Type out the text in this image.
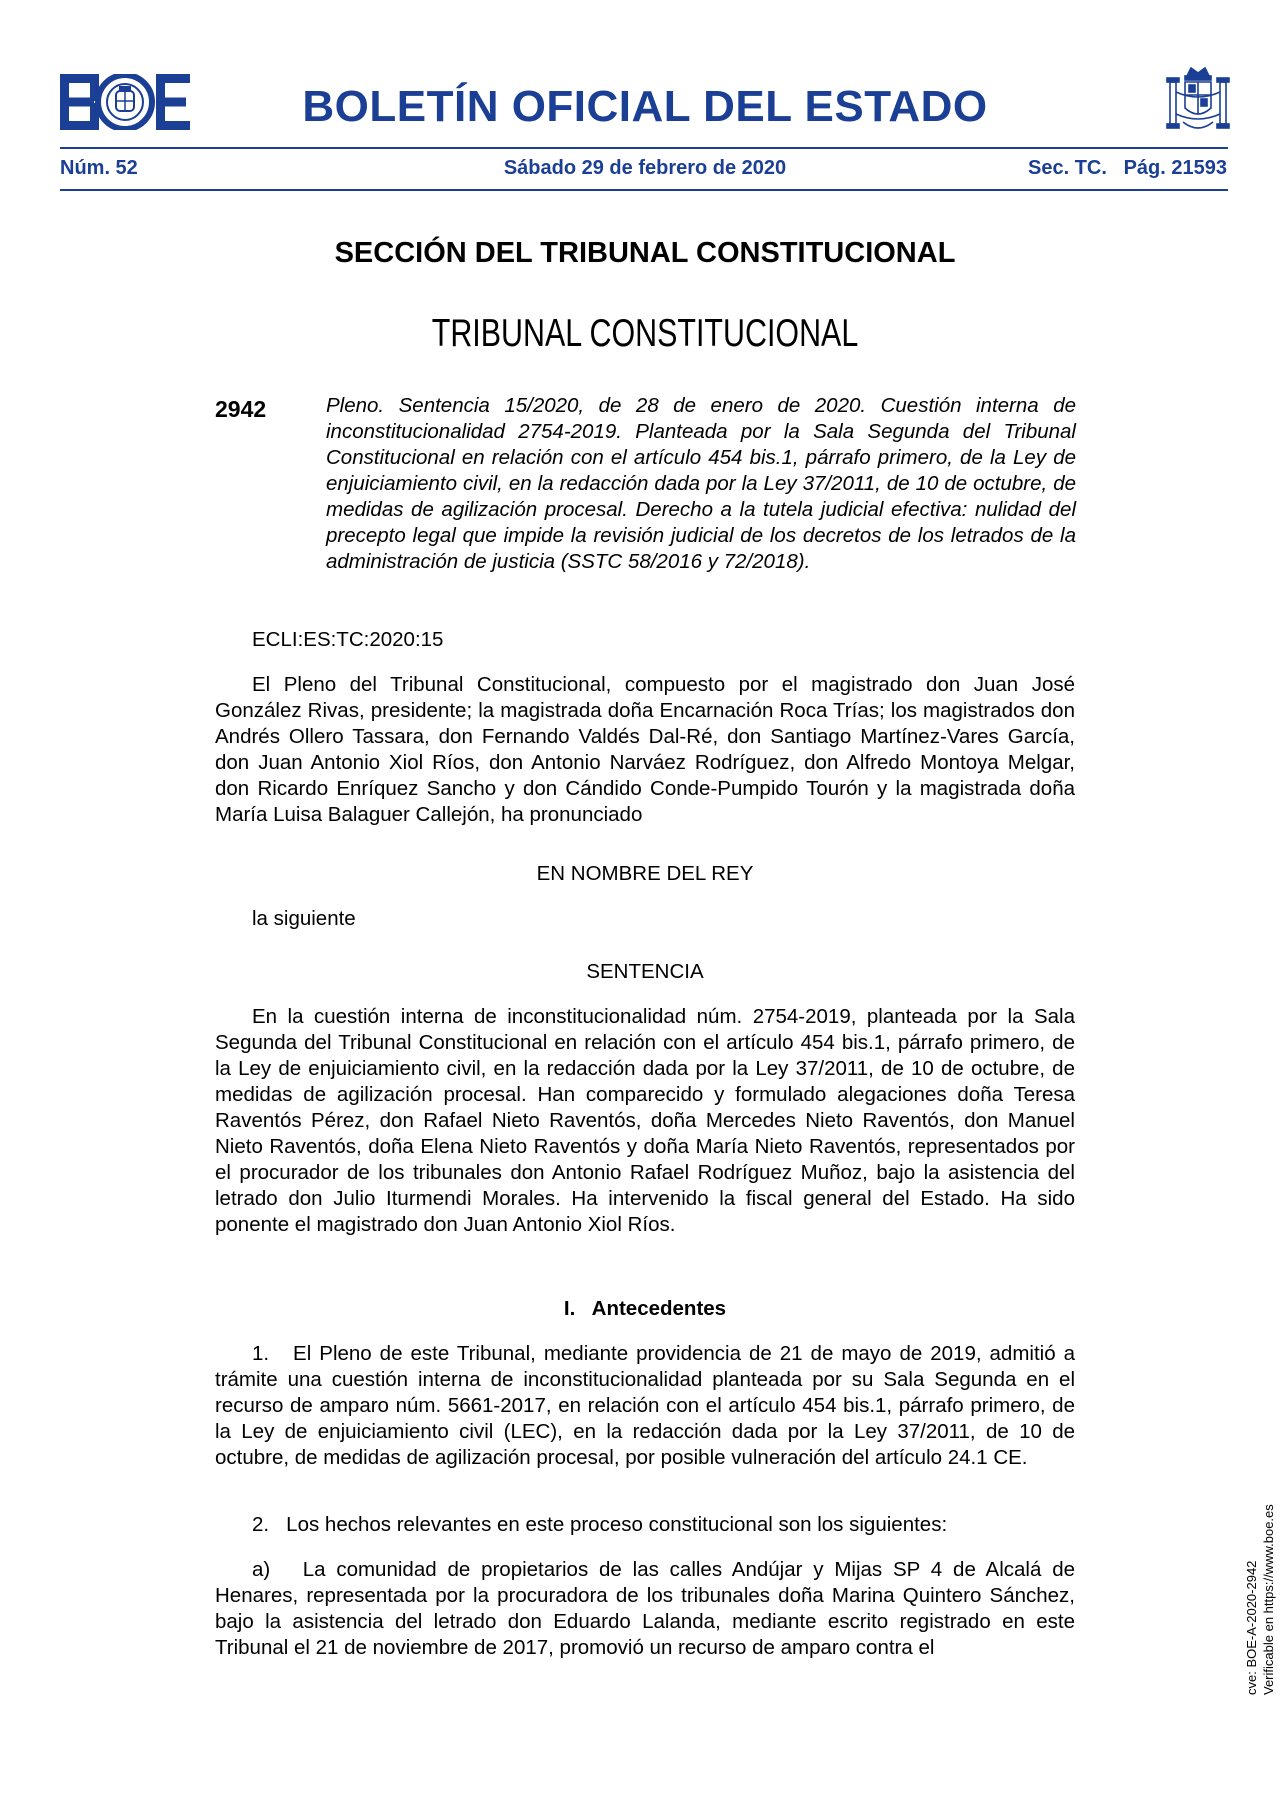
BOLETÍN OFICIAL DEL ESTADO
Núm. 52	Sábado 29 de febrero de 2020	Sec. TC.   Pág. 21593
SECCIÓN DEL TRIBUNAL CONSTITUCIONAL
TRIBUNAL CONSTITUCIONAL
2942	Pleno. Sentencia 15/2020, de 28 de enero de 2020. Cuestión interna de inconstitucionalidad 2754-2019. Planteada por la Sala Segunda del Tribunal Constitucional en relación con el artículo 454 bis.1, párrafo primero, de la Ley de enjuiciamiento civil, en la redacción dada por la Ley 37/2011, de 10 de octubre, de medidas de agilización procesal. Derecho a la tutela judicial efectiva: nulidad del precepto legal que impide la revisión judicial de los decretos de los letrados de la administración de justicia (SSTC 58/2016 y 72/2018).

ECLI:ES:TC:2020:15

El Pleno del Tribunal Constitucional, compuesto por el magistrado don Juan José González Rivas, presidente; la magistrada doña Encarnación Roca Trías; los magistrados don Andrés Ollero Tassara, don Fernando Valdés Dal-Ré, don Santiago Martínez-Vares García, don Juan Antonio Xiol Ríos, don Antonio Narváez Rodríguez, don Alfredo Montoya Melgar, don Ricardo Enríquez Sancho y don Cándido Conde-Pumpido Tourón y la magistrada doña María Luisa Balaguer Callejón, ha pronunciado

EN NOMBRE DEL REY

la siguiente

SENTENCIA

En la cuestión interna de inconstitucionalidad núm. 2754-2019, planteada por la Sala Segunda del Tribunal Constitucional en relación con el artículo 454 bis.1, párrafo primero, de la Ley de enjuiciamiento civil, en la redacción dada por la Ley 37/2011, de 10 de octubre, de medidas de agilización procesal. Han comparecido y formulado alegaciones doña Teresa Raventós Pérez, don Rafael Nieto Raventós, doña Mercedes Nieto Raventós, don Manuel Nieto Raventós, doña Elena Nieto Raventós y doña María Nieto Raventós, representados por el procurador de los tribunales don Antonio Rafael Rodríguez Muñoz, bajo la asistencia del letrado don Julio Iturmendi Morales. Ha intervenido la fiscal general del Estado. Ha sido ponente el magistrado don Juan Antonio Xiol Ríos.

I.   Antecedentes

1.   El Pleno de este Tribunal, mediante providencia de 21 de mayo de 2019, admitió a trámite una cuestión interna de inconstitucionalidad planteada por su Sala Segunda en el recurso de amparo núm. 5661-2017, en relación con el artículo 454 bis.1, párrafo primero, de la Ley de enjuiciamiento civil (LEC), en la redacción dada por la Ley 37/2011, de 10 de octubre, de medidas de agilización procesal, por posible vulneración del artículo 24.1 CE.

2.   Los hechos relevantes en este proceso constitucional son los siguientes:

a)   La comunidad de propietarios de las calles Andújar y Mijas SP 4 de Alcalá de Henares, representada por la procuradora de los tribunales doña Marina Quintero Sánchez, bajo la asistencia del letrado don Eduardo Lalanda, mediante escrito registrado en este Tribunal el 21 de noviembre de 2017, promovió un recurso de amparo contra el	cve: BOE-A-2020-2942 Verificable en https://www.boe.es
